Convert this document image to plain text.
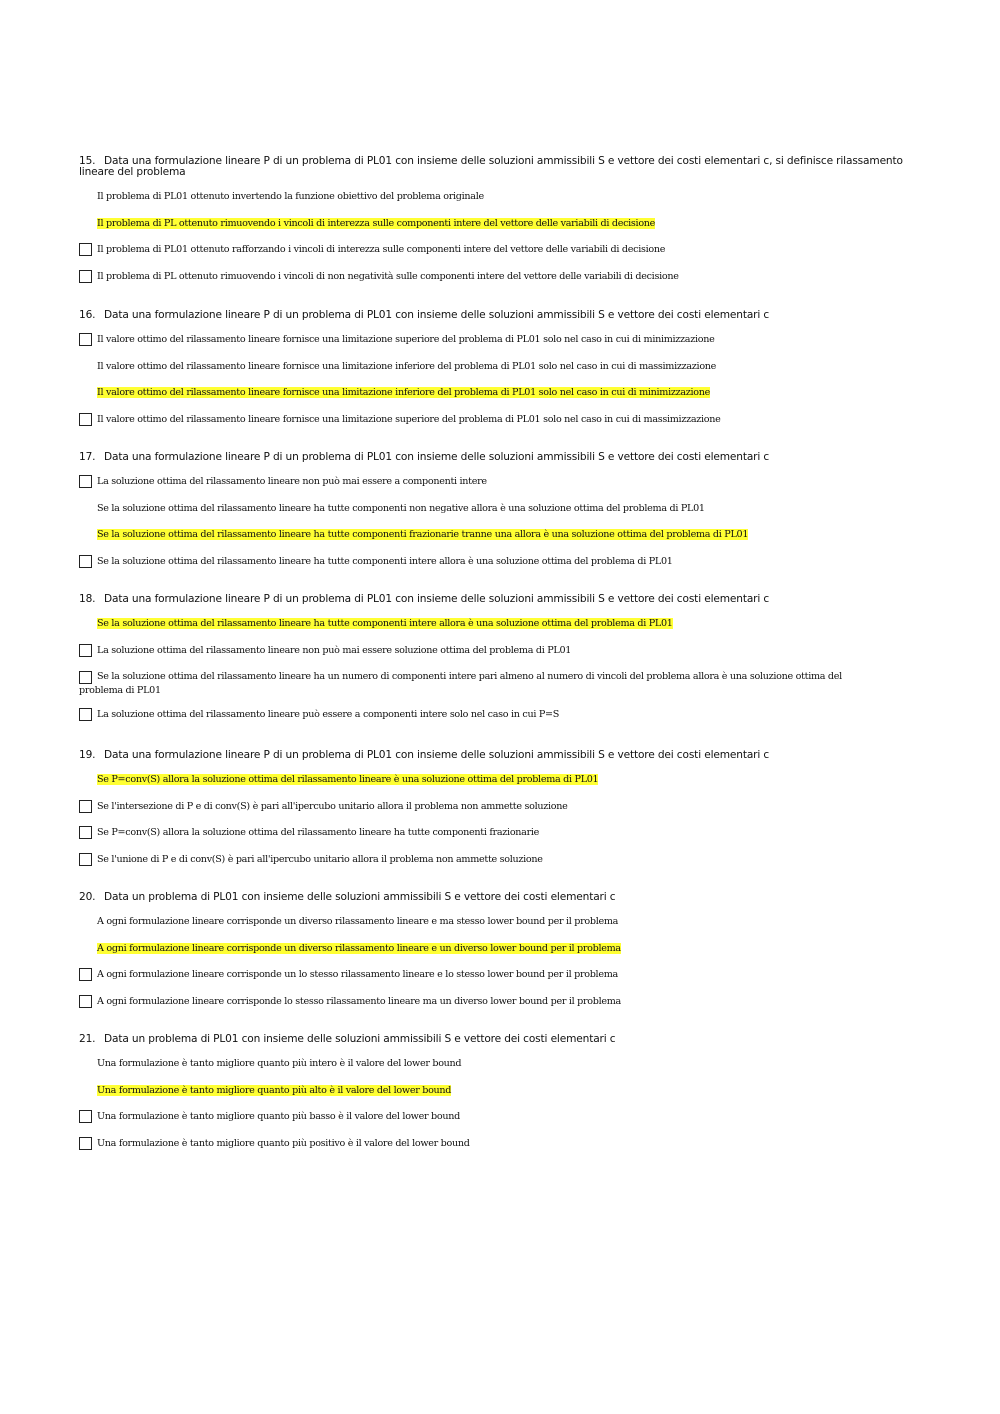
15. Data una formulazione lineare P di un problema di PL01 con insieme delle soluzioni ammissibili S e vettore dei costi elementari c, si definisce rilassamento lineare del problema
Il problema di PL01 ottenuto invertendo la funzione obiettivo del problema originale
Il problema di PL ottenuto rimuovendo i vincoli di interezza sulle componenti intere del vettore delle variabili di decisione
Il problema di PL01 ottenuto rafforzando i vincoli di interezza sulle componenti intere del vettore delle variabili di decisione
Il problema di PL ottenuto rimuovendo i vincoli di non negatività sulle componenti intere del vettore delle variabili di decisione
16. Data una formulazione lineare P di un problema di PL01 con insieme delle soluzioni ammissibili S e vettore dei costi elementari c
Il valore ottimo del rilassamento lineare fornisce una limitazione superiore del problema di PL01 solo nel caso in cui di minimizzazione
Il valore ottimo del rilassamento lineare fornisce una limitazione inferiore del problema di PL01 solo nel caso in cui di massimizzazione
Il valore ottimo del rilassamento lineare fornisce una limitazione inferiore del problema di PL01 solo nel caso in cui di minimizzazione
Il valore ottimo del rilassamento lineare fornisce una limitazione superiore del problema di PL01 solo nel caso in cui di massimizzazione
17. Data una formulazione lineare P di un problema di PL01 con insieme delle soluzioni ammissibili S e vettore dei costi elementari c
La soluzione ottima del rilassamento lineare non può mai essere a componenti intere
Se la soluzione ottima del rilassamento lineare ha tutte componenti non negative allora è una soluzione ottima del problema di PL01
Se la soluzione ottima del rilassamento lineare ha tutte componenti frazionarie tranne una allora è una soluzione ottima del problema di PL01
Se la soluzione ottima del rilassamento lineare ha tutte componenti intere allora è una soluzione ottima del problema di PL01
18. Data una formulazione lineare P di un problema di PL01 con insieme delle soluzioni ammissibili S e vettore dei costi elementari c
Se la soluzione ottima del rilassamento lineare ha tutte componenti intere allora è una soluzione ottima del problema di PL01
La soluzione ottima del rilassamento lineare non può mai essere soluzione ottima del problema di PL01
Se la soluzione ottima del rilassamento lineare ha un numero di componenti intere pari almeno al numero di vincoli del problema allora è una soluzione ottima del problema di PL01
La soluzione ottima del rilassamento lineare può essere a componenti intere solo nel caso in cui P=S
19. Data una formulazione lineare P di un problema di PL01 con insieme delle soluzioni ammissibili S e vettore dei costi elementari c
Se P=conv(S) allora la soluzione ottima del rilassamento lineare è una soluzione ottima del problema di PL01
Se l'intersezione di P e di conv(S) è pari all'ipercubo unitario allora il problema non ammette soluzione
Se P=conv(S) allora la soluzione ottima del rilassamento lineare ha tutte componenti frazionarie
Se l'unione di P e di conv(S) è pari all'ipercubo unitario allora il problema non ammette soluzione
20. Data un problema di PL01 con insieme delle soluzioni ammissibili S e vettore dei costi elementari c
A ogni formulazione lineare corrisponde un diverso rilassamento lineare e ma stesso lower bound per il problema
A ogni formulazione lineare corrisponde un diverso rilassamento lineare e un diverso lower bound per il problema
A ogni formulazione lineare corrisponde un lo stesso rilassamento lineare e lo stesso lower bound per il problema
A ogni formulazione lineare corrisponde lo stesso rilassamento lineare ma un diverso lower bound per il problema
21. Data un problema di PL01 con insieme delle soluzioni ammissibili S e vettore dei costi elementari c
Una formulazione è tanto migliore quanto più intero è il valore del lower bound
Una formulazione è tanto migliore quanto più alto è il valore del lower bound
Una formulazione è tanto migliore quanto più basso è il valore del lower bound
Una formulazione è tanto migliore quanto più positivo è il valore del lower bound
